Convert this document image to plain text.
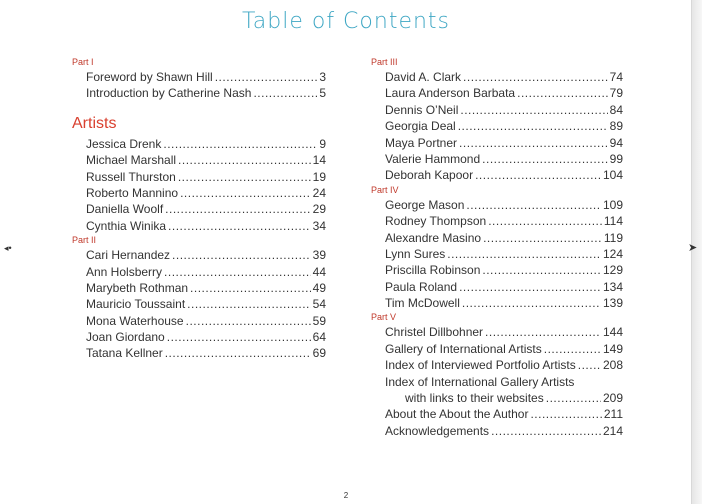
Table of Contents
Part I
Foreword by Shawn Hill .....	3
Introduction by Catherine Nash .....	5
Artists
Jessica Drenk .....	9
Michael Marshall .....	14
Russell Thurston .....	19
Roberto Mannino .....	24
Daniella Woolf .....	29
Cynthia Winika .....	34
Part II
Cari Hernandez .....	39
Ann Holsberry .....	44
Marybeth Rothman .....	49
Mauricio Toussaint .....	54
Mona Waterhouse .....	59
Joan Giordano .....	64
Tatana Kellner .....	69
Part III
David A. Clark .....	74
Laura Anderson Barbata .....	79
Dennis O’Neil .....	84
Georgia Deal .....	89
Maya Portner .....	94
Valerie Hammond .....	99
Deborah Kapoor .....	104
Part IV
George Mason .....	109
Rodney Thompson .....	114
Alexandre Masino .....	119
Lynn Sures .....	124
Priscilla Robinson .....	129
Paula Roland .....	134
Tim McDowell .....	139
Part V
Christel Dillbohner .....	144
Gallery of International Artists .....	149
Index of Interviewed Portfolio Artists ..... 208
Index of International Gallery Artists
with links to their websites .....	209
About the About the Author .....	211
Acknowledgements .....	214
2
◂•	➤
